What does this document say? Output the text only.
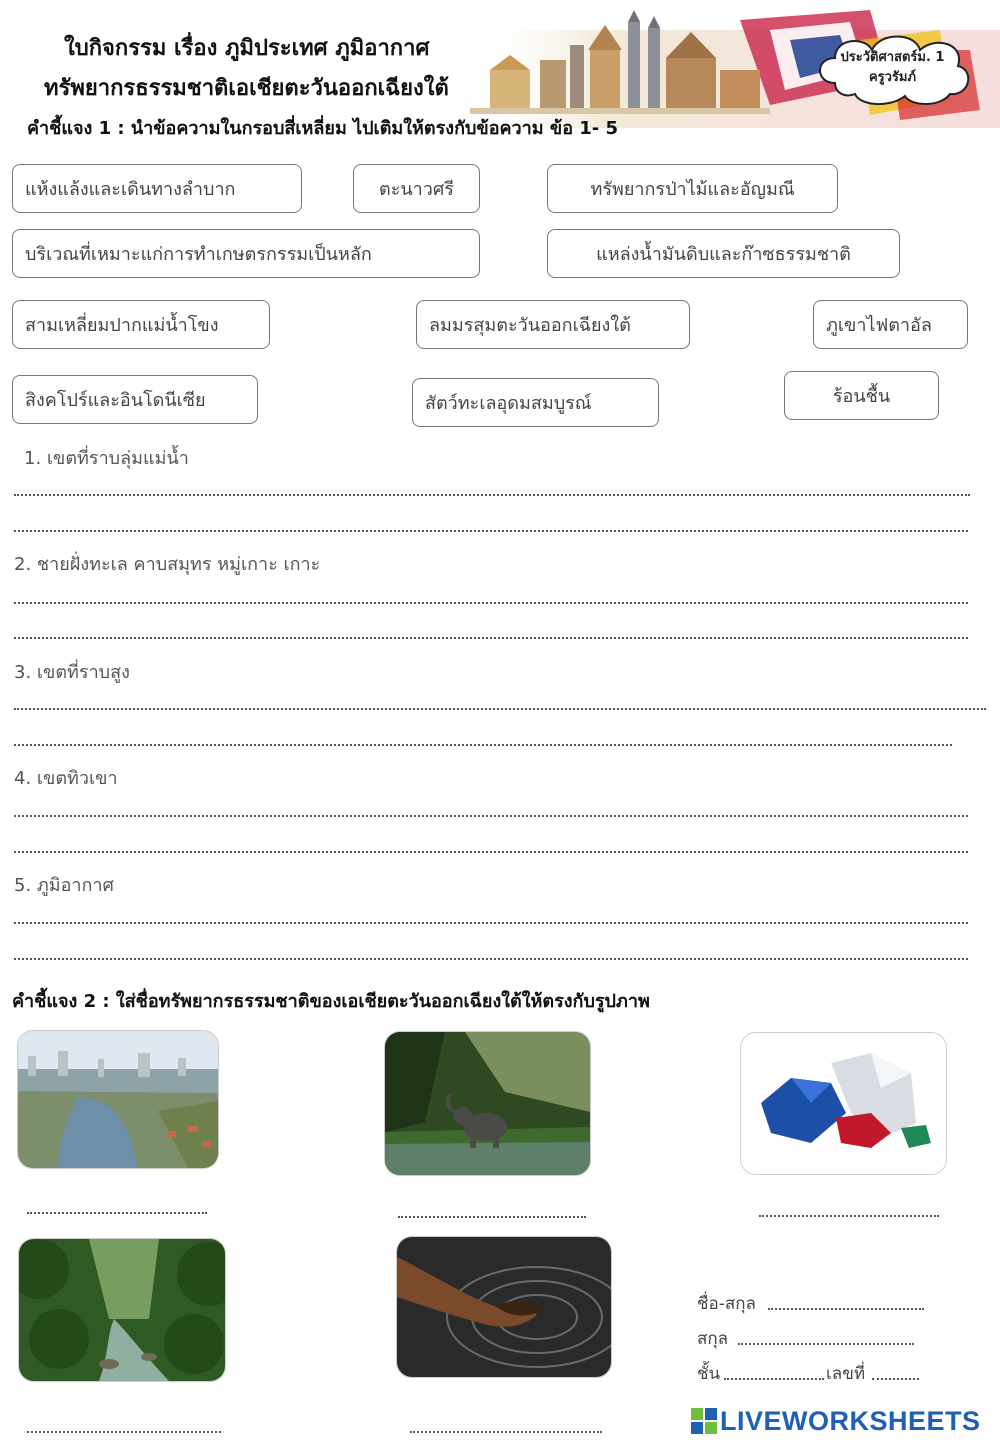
ใบกิจกรรม เรื่อง ภูมิประเทศ ภูมิอากาศ
ทรัพยากรธรรมชาติเอเชียตะวันออกเฉียงใต้
ประวัติศาสตร์ม. 1
ครูวรัมภ์
คำชี้แจง 1 : นำข้อความในกรอบสี่เหลี่ยม ไปเติมให้ตรงกับข้อความ ข้อ 1- 5
แห้งแล้งและเดินทางลำบาก	ตะนาวศรี	ทรัพยากรป่าไม้และอัญมณี
บริเวณที่เหมาะแก่การทำเกษตรกรรมเป็นหลัก	แหล่งน้ำมันดิบและก๊าซธรรมชาติ
สามเหลี่ยมปากแม่น้ำโขง	ลมมรสุมตะวันออกเฉียงใต้	ภูเขาไฟตาอัล
สิงคโปร์และอินโดนีเซีย	สัตว์ทะเลอุดมสมบูรณ์	ร้อนชื้น
1. เขตที่ราบลุ่มแม่น้ำ
2. ชายฝั่งทะเล คาบสมุทร หมู่เกาะ เกาะ
3. เขตที่ราบสูง
4. เขตทิวเขา
5. ภูมิอากาศ
คำชี้แจง 2 : ใส่ชื่อทรัพยากรธรรมชาติของเอเชียตะวันออกเฉียงใต้ให้ตรงกับรูปภาพ
ชื่อ-สกุล
สกุล
ชั้น	เลขที่
LIVEWORKSHEETS
